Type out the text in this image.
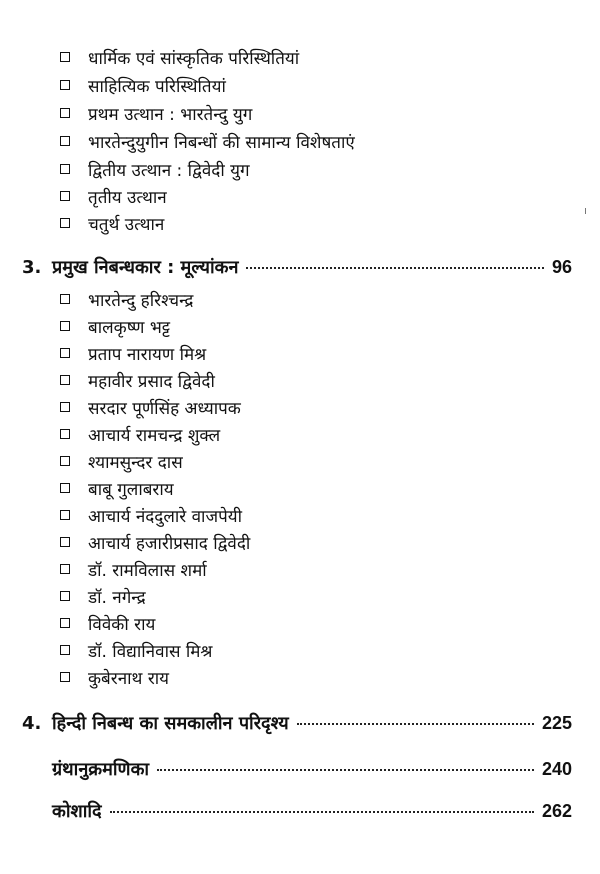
धार्मिक एवं सांस्कृतिक परिस्थितियां
साहित्यिक परिस्थितियां
प्रथम उत्थान : भारतेन्दु युग
भारतेन्दुयुगीन निबन्धों की सामान्य विशेषताएं
द्वितीय उत्थान : द्विवेदी युग
तृतीय उत्थान
चतुर्थ उत्थान
3. प्रमुख निबन्धकार : मूल्यांकन	96
भारतेन्दु हरिश्चन्द्र
बालकृष्ण भट्ट
प्रताप नारायण मिश्र
महावीर प्रसाद द्विवेदी
सरदार पूर्णसिंह अध्यापक
आचार्य रामचन्द्र शुक्ल
श्यामसुन्दर दास
बाबू गुलाबराय
आचार्य नंददुलारे वाजपेयी
आचार्य हजारीप्रसाद द्विवेदी
डॉ. रामविलास शर्मा
डॉ. नगेन्द्र
विवेकी राय
डॉ. विद्यानिवास मिश्र
कुबेरनाथ राय
4. हिन्दी निबन्ध का समकालीन परिदृश्य	225
ग्रंथानुक्रमणिका	240
कोशादि	262
